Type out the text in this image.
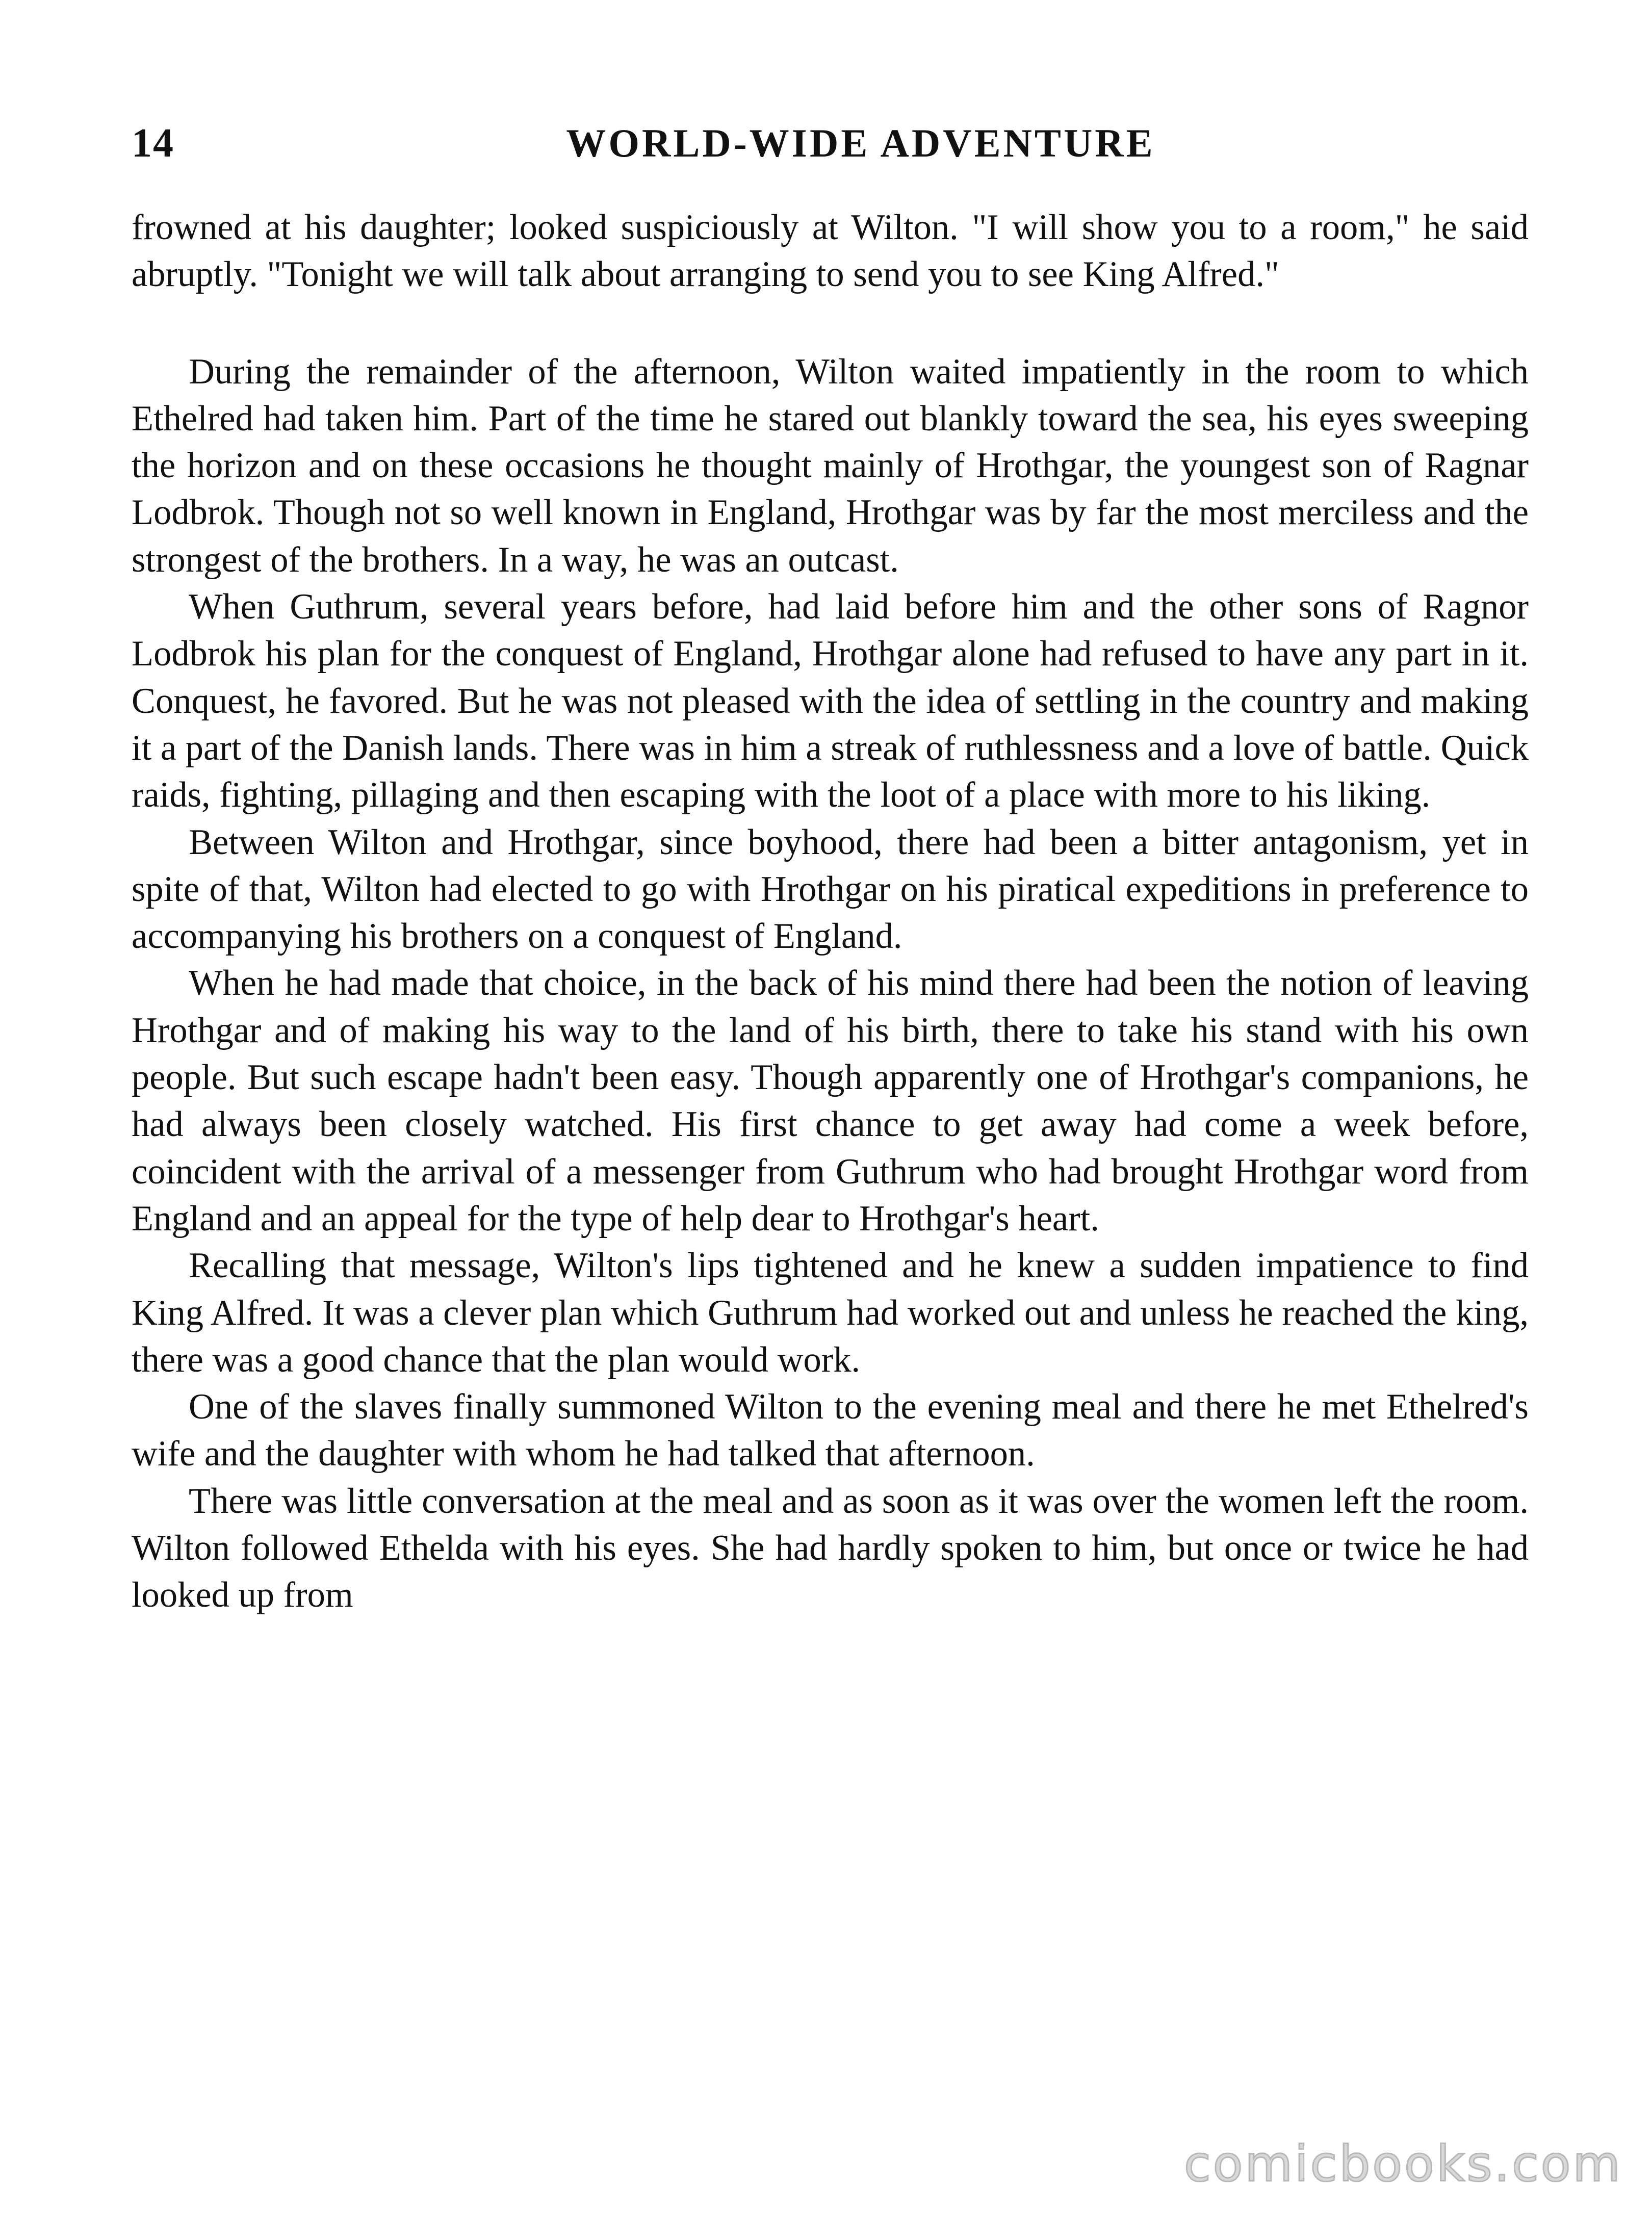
14	WORLD-WIDE ADVENTURE

frowned at his daughter; looked suspiciously at Wilton. "I will show you to a room," he said abruptly. "Tonight we will talk about arranging to send you to see King Alfred."

During the remainder of the afternoon, Wilton waited impatiently in the room to which Ethelred had taken him. Part of the time he stared out blankly toward the sea, his eyes sweeping the horizon and on these occasions he thought mainly of Hrothgar, the youngest son of Ragnar Lodbrok. Though not so well known in England, Hrothgar was by far the most merciless and the strongest of the brothers. In a way, he was an outcast.

When Guthrum, several years before, had laid before him and the other sons of Ragnor Lodbrok his plan for the conquest of England, Hrothgar alone had refused to have any part in it. Conquest, he favored. But he was not pleased with the idea of settling in the country and making it a part of the Danish lands. There was in him a streak of ruthlessness and a love of battle. Quick raids, fighting, pillaging and then escaping with the loot of a place with more to his liking.

Between Wilton and Hrothgar, since boyhood, there had been a bitter antagonism, yet in spite of that, Wilton had elected to go with Hrothgar on his piratical expeditions in preference to accompanying his brothers on a conquest of England.

When he had made that choice, in the back of his mind there had been the notion of leaving Hrothgar and of making his way to the land of his birth, there to take his stand with his own people. But such escape hadn't been easy. Though apparently one of Hrothgar's companions, he had always been closely watched. His first chance to get away had come a week before, coincident with the arrival of a messenger from Guthrum who had brought Hrothgar word from England and an appeal for the type of help dear to Hrothgar's heart.

Recalling that message, Wilton's lips tightened and he knew a sudden impatience to find King Alfred. It was a clever plan which Guthrum had worked out and unless he reached the king, there was a good chance that the plan would work.

One of the slaves finally summoned Wilton to the evening meal and there he met Ethelred's wife and the daughter with whom he had talked that afternoon.

There was little conversation at the meal and as soon as it was over the women left the room. Wilton followed Ethelda with his eyes. She had hardly spoken to him, but once or twice he had looked up from

comicbooks.com
